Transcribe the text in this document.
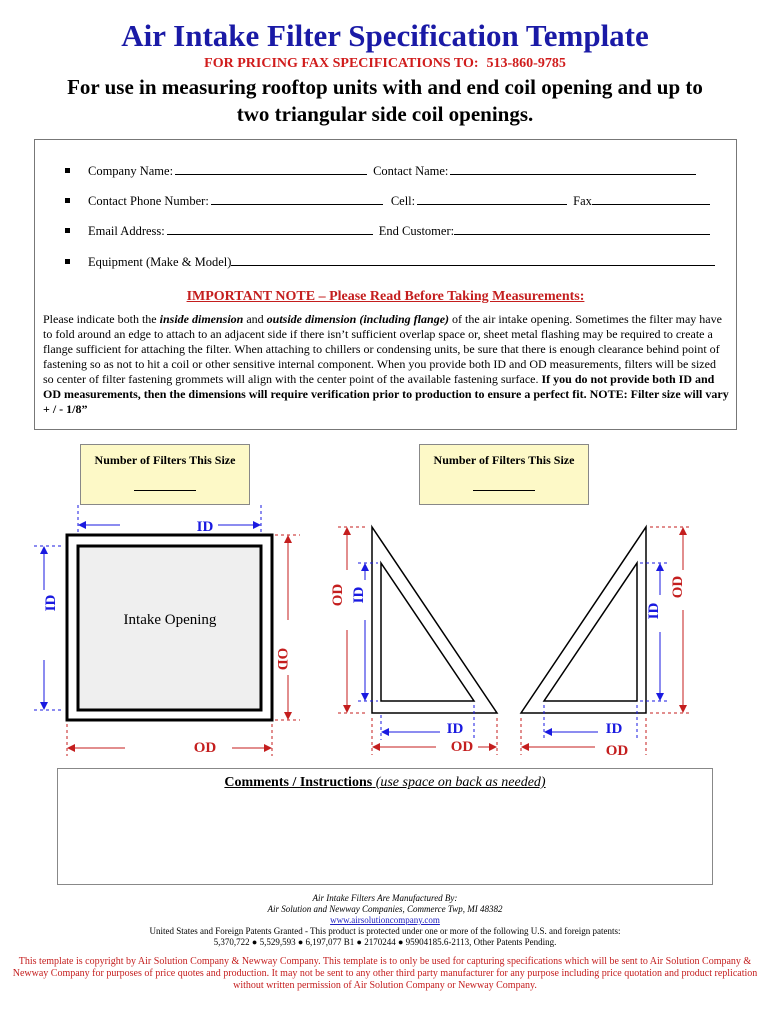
Air Intake Filter Specification Template
FOR PRICING FAX SPECIFICATIONS TO: 513-860-9785
For use in measuring rooftop units with and end coil opening and up to two triangular side coil openings.
Company Name:	Contact Name:
Contact Phone Number:	Cell:	Fax
Email Address:	End Customer:
Equipment (Make & Model)
IMPORTANT NOTE – Please Read Before Taking Measurements:
Please indicate both the inside dimension and outside dimension (including flange) of the air intake opening. Sometimes the filter may have to fold around an edge to attach to an adjacent side if there isn’t sufficient overlap space or, sheet metal flashing may be required to create a flange sufficient for attaching the filter. When attaching to chillers or condensing units, be sure that there is enough clearance behind point of fastening so as not to hit a coil or other sensitive internal component. When you provide both ID and OD measurements, filters will be sized so center of filter fastening grommets will align with the center point of the available fastening surface. If you do not provide both ID and OD measurements, then the dimensions will require verification prior to production to ensure a perfect fit. NOTE: Filter size will vary + / - 1/8”
Number of Filters This Size	Number of Filters This Size
Intake Opening
ID
ID
OD
OD
OD ID
ID
OD
OD
ID
ID
OD
Comments / Instructions (use space on back as needed)
Air Intake Filters Are Manufactured By:
Air Solution and Newway Companies, Commerce Twp, MI 48382
www.airsolutioncompany.com
United States and Foreign Patents Granted - This product is protected under one or more of the following U.S. and foreign patents:
5,370,722 ● 5,529,593 ● 6,197,077 B1 ● 2170244 ● 95904185.6-2113, Other Patents Pending.
This template is copyright by Air Solution Company & Newway Company. This template is to only be used for capturing specifications which will be sent to Air Solution Company & Newway Company for purposes of price quotes and production. It may not be sent to any other third party manufacturer for any purpose including price quotation and product replication without written permission of Air Solution Company or Newway Company.
